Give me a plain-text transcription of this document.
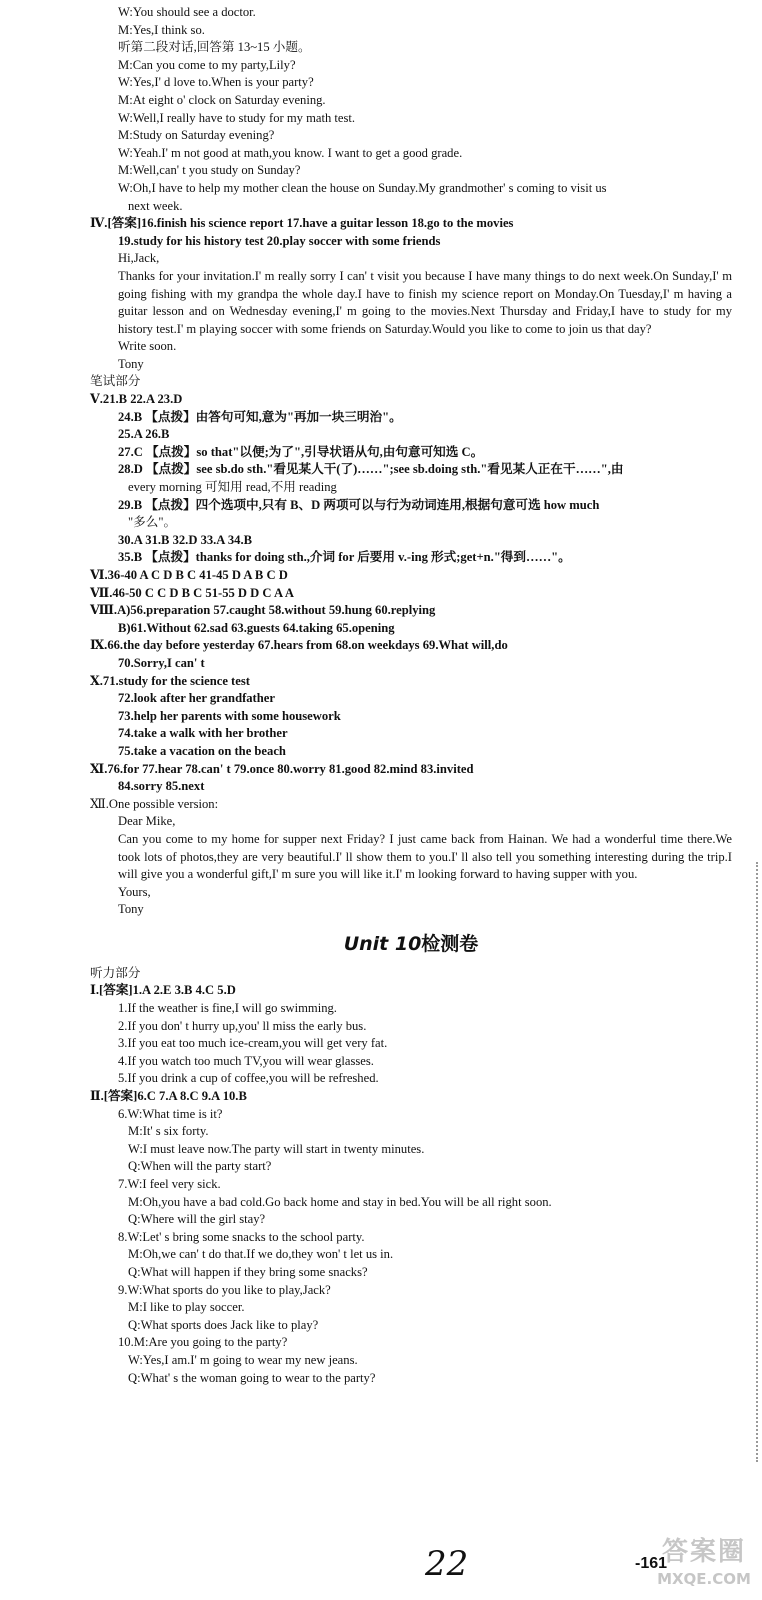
W:You should see a doctor.
M:Yes,I think so.
听第二段对话,回答第 13~15 小题。
M:Can you come to my party,Lily?
W:Yes,I' d love to.When is your party?
M:At eight o' clock on Saturday evening.
W:Well,I really have to study for my math test.
M:Study on Saturday evening?
W:Yeah.I' m not good at math,you know. I want to get a good grade.
M:Well,can' t you study on Sunday?
W:Oh,I have to help my mother clean the house on Sunday.My grandmother' s coming to visit us
next week.
Ⅳ.[答案]16.finish his science report 17.have a guitar lesson 18.go to the movies
19.study for his history test 20.play soccer with some friends
Hi,Jack,
Thanks for your invitation.I' m really sorry I can' t visit you because I have many things to do next week.On Sunday,I' m going fishing with my grandpa the whole day.I have to finish my science report on Monday.On Tuesday,I' m having a guitar lesson and on Wednesday evening,I' m going to the movies.Next Thursday and Friday,I have to study for my history test.I' m playing soccer with some friends on Saturday.Would you like to come to join us that day?
Write soon.
Tony
笔试部分
Ⅴ.21.B 22.A 23.D
24.B 【点拨】由答句可知,意为"再加一块三明治"。
25.A 26.B
27.C 【点拨】so that"以便;为了",引导状语从句,由句意可知选 C。
28.D 【点拨】see sb.do sth."看见某人干(了)……";see sb.doing sth."看见某人正在干……",由
every morning 可知用 read,不用 reading
29.B 【点拨】四个选项中,只有 B、D 两项可以与行为动词连用,根据句意可选 how much
"多么"。
30.A 31.B 32.D 33.A 34.B
35.B 【点拨】thanks for doing sth.,介词 for 后要用 v.-ing 形式;get+n."得到……"。
Ⅵ.36-40 A C D B C 41-45 D A B C D
Ⅶ.46-50 C C D B C 51-55 D D C A A
Ⅷ.A)56.preparation 57.caught 58.without 59.hung 60.replying
B)61.Without 62.sad 63.guests 64.taking 65.opening
Ⅸ.66.the day before yesterday 67.hears from 68.on weekdays 69.What will,do
70.Sorry,I can' t
Ⅹ.71.study for the science test
72.look after her grandfather
73.help her parents with some housework
74.take a walk with her brother
75.take a vacation on the beach
Ⅺ.76.for 77.hear 78.can' t 79.once 80.worry 81.good 82.mind 83.invited
84.sorry 85.next
Ⅻ.One possible version:
Dear Mike,
Can you come to my home for supper next Friday? I just came back from Hainan. We had a wonderful time there.We took lots of photos,they are very beautiful.I' ll show them to you.I' ll also tell you something interesting during the trip.I will give you a wonderful gift,I' m sure you will like it.I' m looking forward to having supper with you.
Yours,
Tony
Unit 10检测卷
听力部分
Ⅰ.[答案]1.A 2.E 3.B 4.C 5.D
1.If the weather is fine,I will go swimming.
2.If you don' t hurry up,you' ll miss the early bus.
3.If you eat too much ice-cream,you will get very fat.
4.If you watch too much TV,you will wear glasses.
5.If you drink a cup of coffee,you will be refreshed.
Ⅱ.[答案]6.C 7.A 8.C 9.A 10.B
6.W:What time is it?
M:It' s six forty.
W:I must leave now.The party will start in twenty minutes.
Q:When will the party start?
7.W:I feel very sick.
M:Oh,you have a bad cold.Go back home and stay in bed.You will be all right soon.
Q:Where will the girl stay?
8.W:Let' s bring some snacks to the school party.
M:Oh,we can' t do that.If we do,they won' t let us in.
Q:What will happen if they bring some snacks?
9.W:What sports do you like to play,Jack?
M:I like to play soccer.
Q:What sports does Jack like to play?
10.M:Are you going to the party?
W:Yes,I am.I' m going to wear my new jeans.
Q:What' s the woman going to wear to the party?
22	-161
答案圈
MXQE.COM
